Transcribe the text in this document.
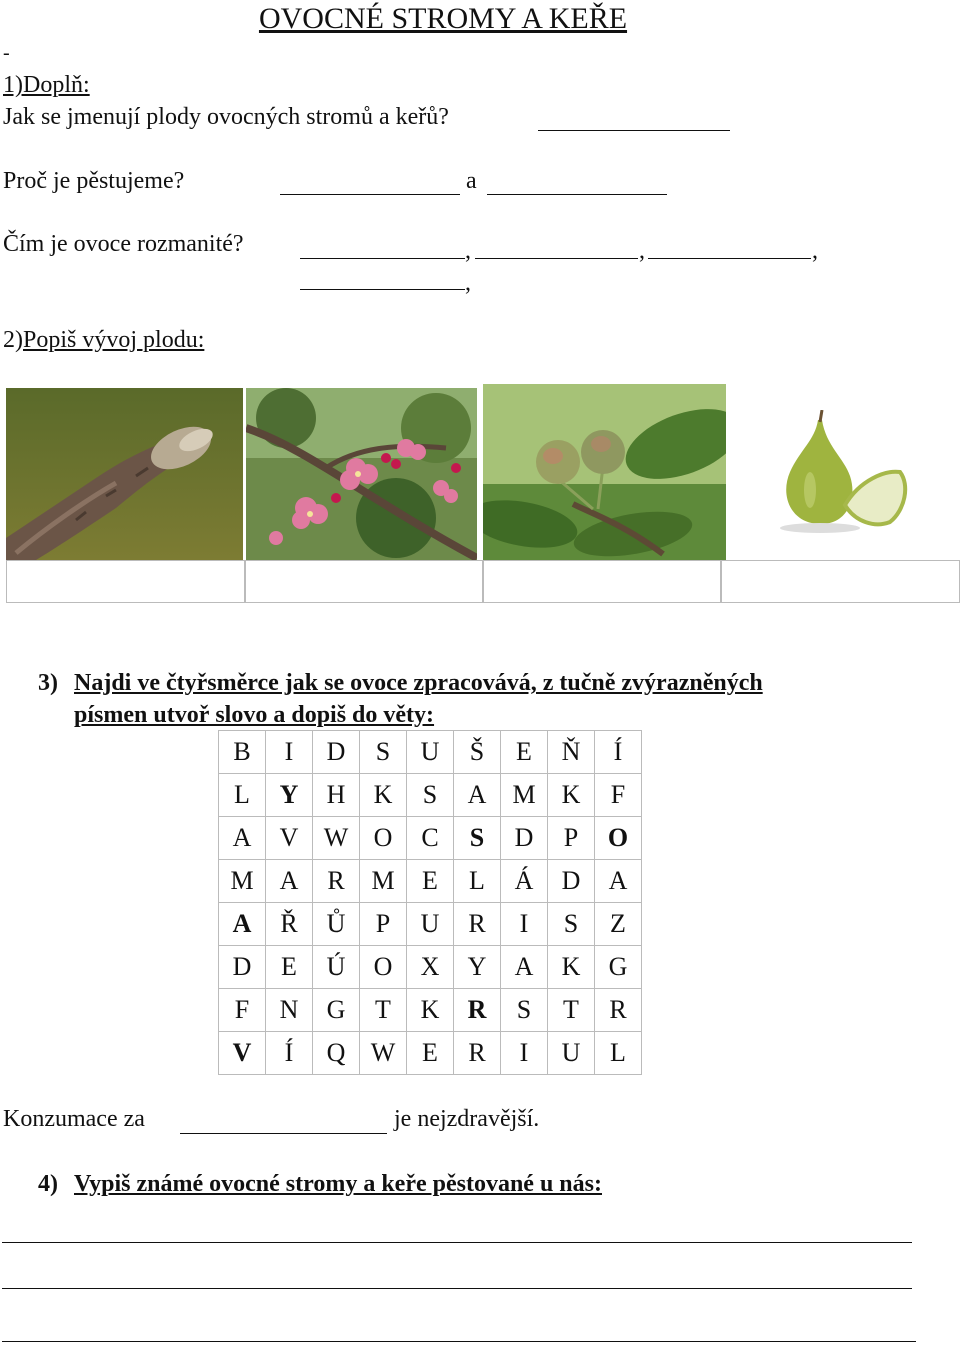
OVOCNÉ STROMY A KEŘE
-
1)Doplň:
Jak se jmenují plody ovocných stromů a keřů?
Proč je pěstujeme?	a
Čím je ovoce rozmanité?	,	,	,
,
2)Popiš vývoj plodu:
3) Najdi ve čtyřsměrce jak se ovoce zpracovává, z tučně zvýrazněných
písmen utvoř slovo a dopiš do věty:
B	I	D	S	U	Š	E	Ň	Í
L	Y	H	K	S	A	M	K	F
A	V	W	O	C	S	D	P	O
M	A	R	M	E	L	Á	D	A
A	Ř	Ů	P	U	R	I	S	Z
D	E	Ú	O	X	Y	A	K	G
F	N	G	T	K	R	S	T	R
V	Í	Q	W	E	R	I	U	L
Konzumace za	je nejzdravější.
4) Vypiš známé ovocné stromy a keře pěstované u nás:
